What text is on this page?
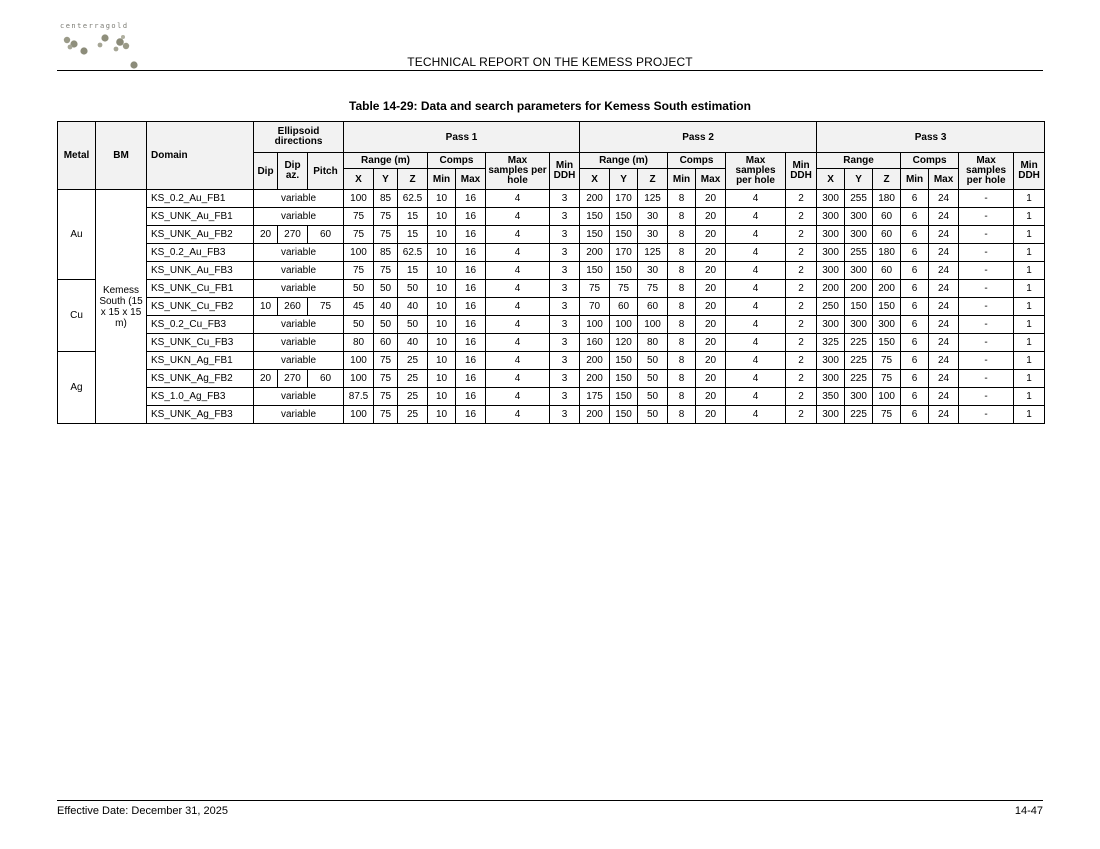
centerragold

TECHNICAL REPORT ON THE KEMESS PROJECT
Table 14-29: Data and search parameters for Kemess South estimation
Metal	BM	Domain	Ellipsoid directions			Pass 1							Pass 2							Pass 3						
			Dip	Dip az.	Pitch	Range (m)			Comps		Max samples per hole	Min DDH	Range (m)			Comps		Max samples per hole	Min DDH	Range			Comps		Max samples per hole	Min DDH
						X	Y	Z	Min	Max			X	Y	Z	Min	Max			X	Y	Z	Min	Max		
Au	Kemess South (15 x 15 x 15 m)	KS_0.2_Au_FB1	variable			100	85	62.5	10	16	4	3	200	170	125	8	20	4	2	300	255	180	6	24	-	1
		KS_UNK_Au_FB1	variable			75	75	15	10	16	4	3	150	150	30	8	20	4	2	300	300	60	6	24	-	1
		KS_UNK_Au_FB2	20	270	60	75	75	15	10	16	4	3	150	150	30	8	20	4	2	300	300	60	6	24	-	1
		KS_0.2_Au_FB3	variable			100	85	62.5	10	16	4	3	200	170	125	8	20	4	2	300	255	180	6	24	-	1
		KS_UNK_Au_FB3	variable			75	75	15	10	16	4	3	150	150	30	8	20	4	2	300	300	60	6	24	-	1
Cu		KS_UNK_Cu_FB1	variable			50	50	50	10	16	4	3	75	75	75	8	20	4	2	200	200	200	6	24	-	1
		KS_UNK_Cu_FB2	10	260	75	45	40	40	10	16	4	3	70	60	60	8	20	4	2	250	150	150	6	24	-	1
		KS_0.2_Cu_FB3	variable			50	50	50	10	16	4	3	100	100	100	8	20	4	2	300	300	300	6	24	-	1
		KS_UNK_Cu_FB3	variable			80	60	40	10	16	4	3	160	120	80	8	20	4	2	325	225	150	6	24	-	1
Ag		KS_UKN_Ag_FB1	variable			100	75	25	10	16	4	3	200	150	50	8	20	4	2	300	225	75	6	24	-	1
		KS_UNK_Ag_FB2	20	270	60	100	75	25	10	16	4	3	200	150	50	8	20	4	2	300	225	75	6	24	-	1
		KS_1.0_Ag_FB3	variable			87.5	75	25	10	16	4	3	175	150	50	8	20	4	2	350	300	100	6	24	-	1
		KS_UNK_Ag_FB3	variable			100	75	25	10	16	4	3	200	150	50	8	20	4	2	300	225	75	6	24	-	1
Effective Date: December 31, 2025	14-47
